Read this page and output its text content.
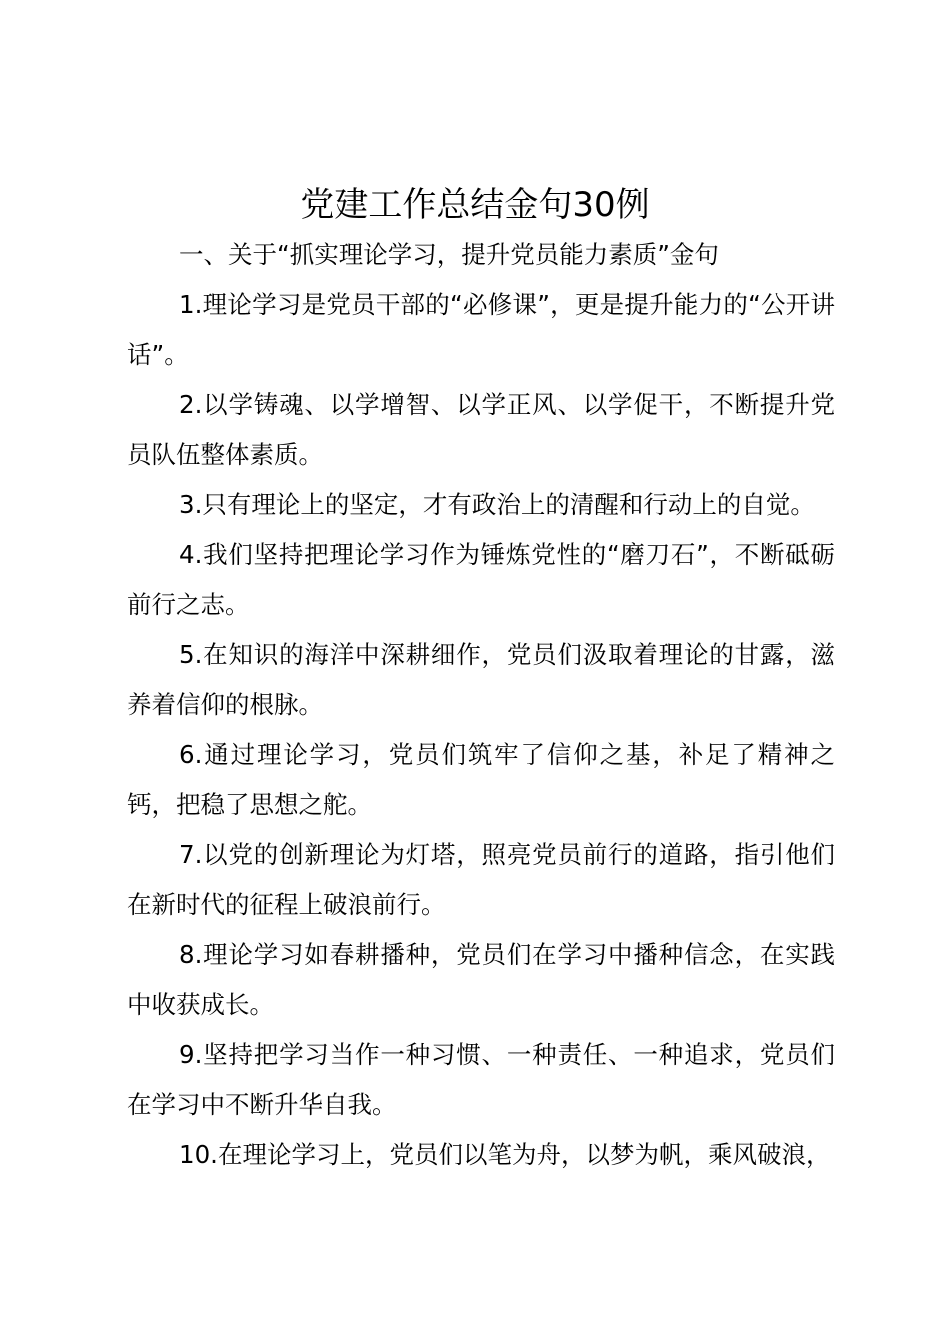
党建工作总结金句30例

一、关于“抓实理论学习，提升党员能力素质”金句

1.理论学习是党员干部的“必修课”，更是提升能力的“公开讲话”。

2.以学铸魂、以学增智、以学正风、以学促干，不断提升党员队伍整体素质。

3.只有理论上的坚定，才有政治上的清醒和行动上的自觉。

4.我们坚持把理论学习作为锤炼党性的“磨刀石”，不断砥砺前行之志。

5.在知识的海洋中深耕细作，党员们汲取着理论的甘露，滋养着信仰的根脉。

6.通过理论学习，党员们筑牢了信仰之基，补足了精神之钙，把稳了思想之舵。

7.以党的创新理论为灯塔，照亮党员前行的道路，指引他们在新时代的征程上破浪前行。

8.理论学习如春耕播种，党员们在学习中播种信念，在实践中收获成长。

9.坚持把学习当作一种习惯、一种责任、一种追求，党员们在学习中不断升华自我。

10.在理论学习上，党员们以笔为舟，以梦为帆，乘风破浪，
